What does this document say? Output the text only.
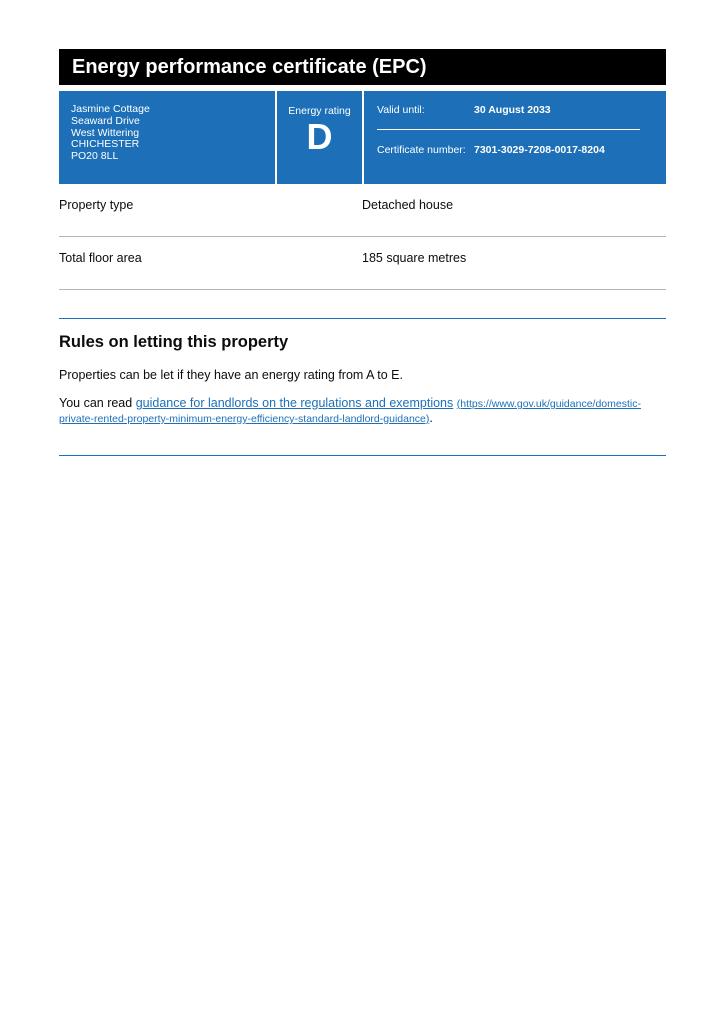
Energy performance certificate (EPC)
Jasmine Cottage
Seaward Drive
West Wittering
CHICHESTER
PO20 8LL
Energy rating
D
Valid until:	30 August 2033
Certificate number: 7301-3029-7208-0017-8204
Property type	Detached house
Total floor area	185 square metres
Rules on letting this property

Properties can be let if they have an energy rating from A to E.

You can read guidance for landlords on the regulations and exemptions (https://www.gov.uk/guidance/domestic-
private-rented-property-minimum-energy-efficiency-standard-landlord-guidance).
